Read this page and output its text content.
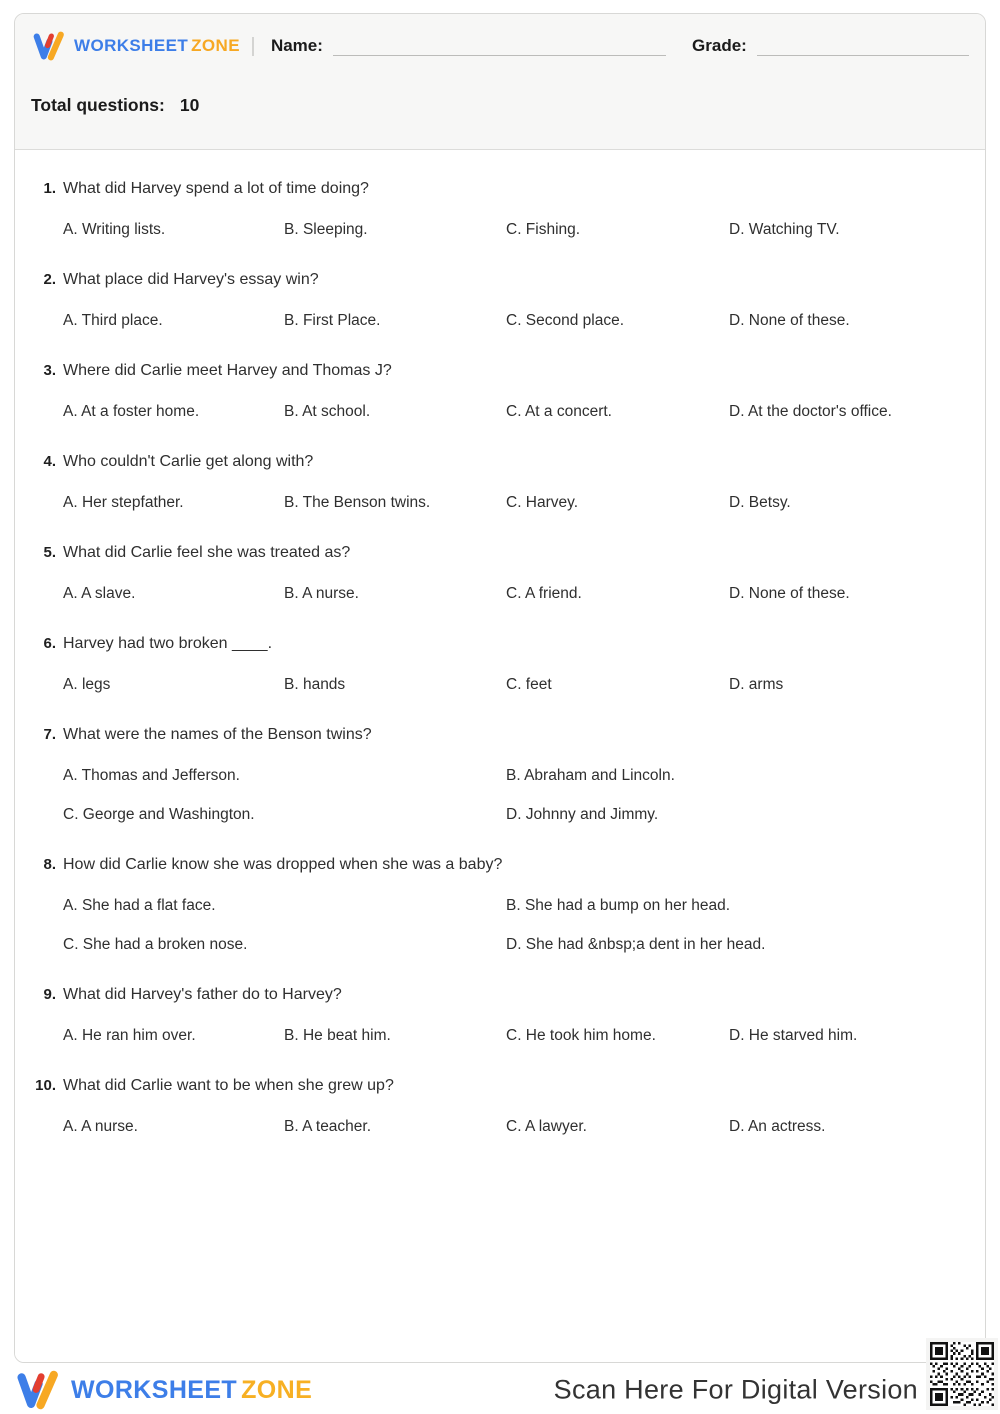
WORKSHEET ZONE Name:	Grade:
Total questions: 10
1. What did Harvey spend a lot of time doing?
A. Writing lists.	B. Sleeping.	C. Fishing.	D. Watching TV.
2. What place did Harvey's essay win?
A. Third place.	B. First Place.	C. Second place.	D. None of these.
3. Where did Carlie meet Harvey and Thomas J?
A. At a foster home.	B. At school.	C. At a concert.	D. At the doctor's office.
4. Who couldn't Carlie get along with?
A. Her stepfather.	B. The Benson twins.	C. Harvey.	D. Betsy.
5. What did Carlie feel she was treated as?
A. A slave.	B. A nurse.	C. A friend.	D. None of these.
6. Harvey had two broken ____.
A. legs	B. hands	C. feet	D. arms
7. What were the names of the Benson twins?
A. Thomas and Jefferson.	B. Abraham and Lincoln.
C. George and Washington.	D. Johnny and Jimmy.
8. How did Carlie know she was dropped when she was a baby?
A. She had a flat face.	B. She had a bump on her head.
C. She had a broken nose.	D. She had &nbsp;a dent in her head.
9. What did Harvey's father do to Harvey?
A. He ran him over.	B. He beat him.	C. He took him home.	D. He starved him.
10. What did Carlie want to be when she grew up?
A. A nurse.	B. A teacher.	C. A lawyer.	D. An actress.
WORKSHEET ZONE	Scan Here For Digital Version
